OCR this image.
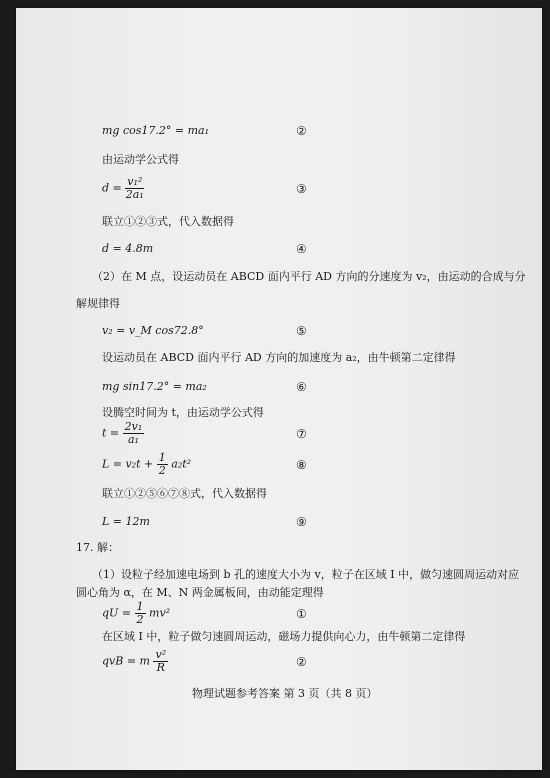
mg cos17.2° = ma₁	②
由运动学公式得
$d = \frac{\text{v₁²}}{\text{2a₁}}$	③
联立①②③式，代入数据得
d = 4.8m	④
（2）在 M 点，设运动员在 ABCD 面内平行 AD 方向的分速度为 v₂，由运动的合成与分
解规律得
v₂ = v_M cos72.8°	⑤
设运动员在 ABCD 面内平行 AD 方向的加速度为 a₂，由牛顿第二定律得
mg sin17.2° = ma₂	⑥
设腾空时间为 t，由运动学公式得
$t = \frac{\text{2v₁}}{\text{a₁}}$	⑦
$L = v_2t + \frac{1}{2} a_2t^2$	⑧
联立①②⑤⑥⑦⑧式，代入数据得
L = 12m	⑨
17. 解：
（1）设粒子经加速电场到 b 孔的速度大小为 v，粒子在区域 Ⅰ 中，做匀速圆周运动对应
圆心角为 α，在 M、N 两金属板间，由动能定理得
qU = $\frac{1}{2} mv^2$	①
在区域 Ⅰ 中，粒子做匀速圆周运动，磁场力提供向心力，由牛顿第二定律得
qvB = m $\frac{\text{v²}}{R}$	②
物理试题参考答案 第 3 页（共 8 页）
